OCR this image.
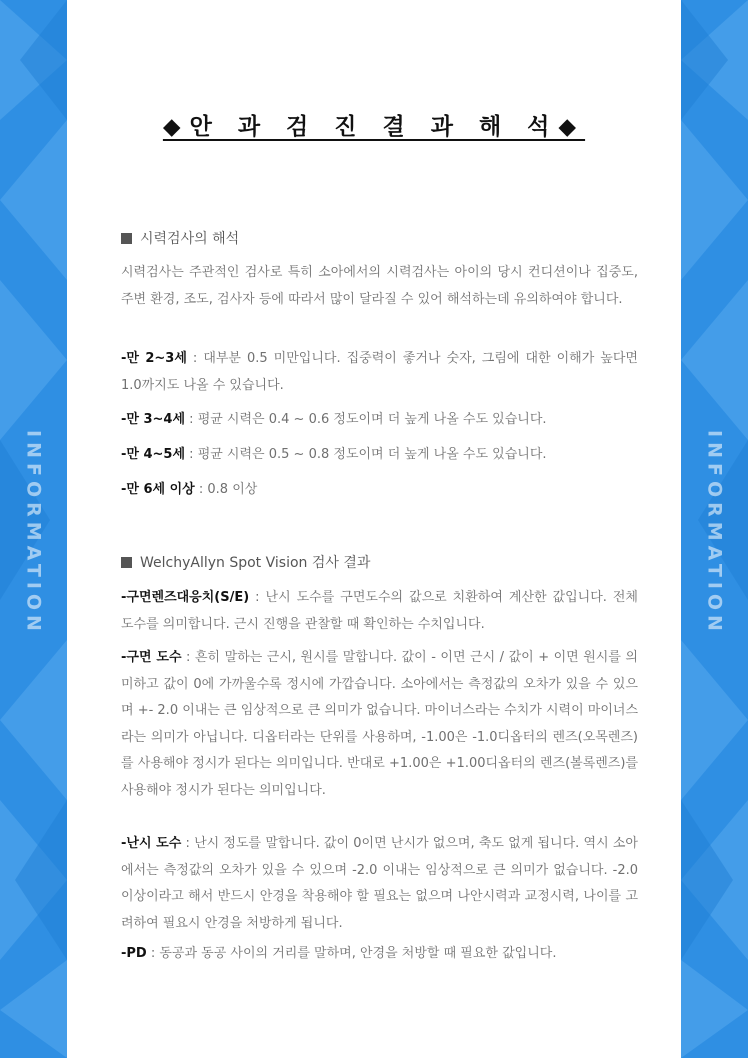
INFORMATION	INFORMATION
◆안 과 검 진 결 과 해 석◆
시력검사의 해석
시력검사는 주관적인 검사로 특히 소아에서의 시력검사는 아이의 당시 컨디션이나 집중도, 주변 환경, 조도, 검사자 등에 따라서 많이 달라질 수 있어 해석하는데 유의하여야 합니다.
-만 2~3세 : 대부분 0.5 미만입니다. 집중력이 좋거나 숫자, 그림에 대한 이해가 높다면 1.0까지도 나올 수 있습니다.
-만 3~4세 : 평균 시력은 0.4 ~ 0.6 정도이며 더 높게 나올 수도 있습니다.
-만 4~5세 : 평균 시력은 0.5 ~ 0.8 정도이며 더 높게 나올 수도 있습니다.
-만 6세 이상 : 0.8 이상
WelchyAllyn Spot Vision 검사 결과
-구면렌즈대응치(S/E) : 난시 도수를 구면도수의 값으로 치환하여 계산한 값입니다. 전체 도수를 의미합니다. 근시 진행을 관찰할 때 확인하는 수치입니다.
-구면 도수 : 흔히 말하는 근시, 원시를 말합니다. 값이 - 이면 근시 / 값이 + 이면 원시를 의미하고 값이 0에 가까울수록 정시에 가깝습니다. 소아에서는 측정값의 오차가 있을 수 있으며 +- 2.0 이내는 큰 임상적으로 큰 의미가 없습니다. 마이너스라는 수치가 시력이 마이너스라는 의미가 아닙니다. 디옵터라는 단위를 사용하며, -1.00은 -1.0디옵터의 렌즈(오목렌즈)를 사용해야 정시가 된다는 의미입니다. 반대로 +1.00은 +1.00디옵터의 렌즈(볼록렌즈)를 사용해야 정시가 된다는 의미입니다.
-난시 도수 : 난시 정도를 말합니다. 값이 0이면 난시가 없으며, 축도 없게 됩니다. 역시 소아에서는 측정값의 오차가 있을 수 있으며 -2.0 이내는 임상적으로 큰 의미가 없습니다. -2.0 이상이라고 해서 반드시 안경을 착용해야 할 필요는 없으며 나안시력과 교정시력, 나이를 고려하여 필요시 안경을 처방하게 됩니다.
-PD : 동공과 동공 사이의 거리를 말하며, 안경을 처방할 때 필요한 값입니다.
